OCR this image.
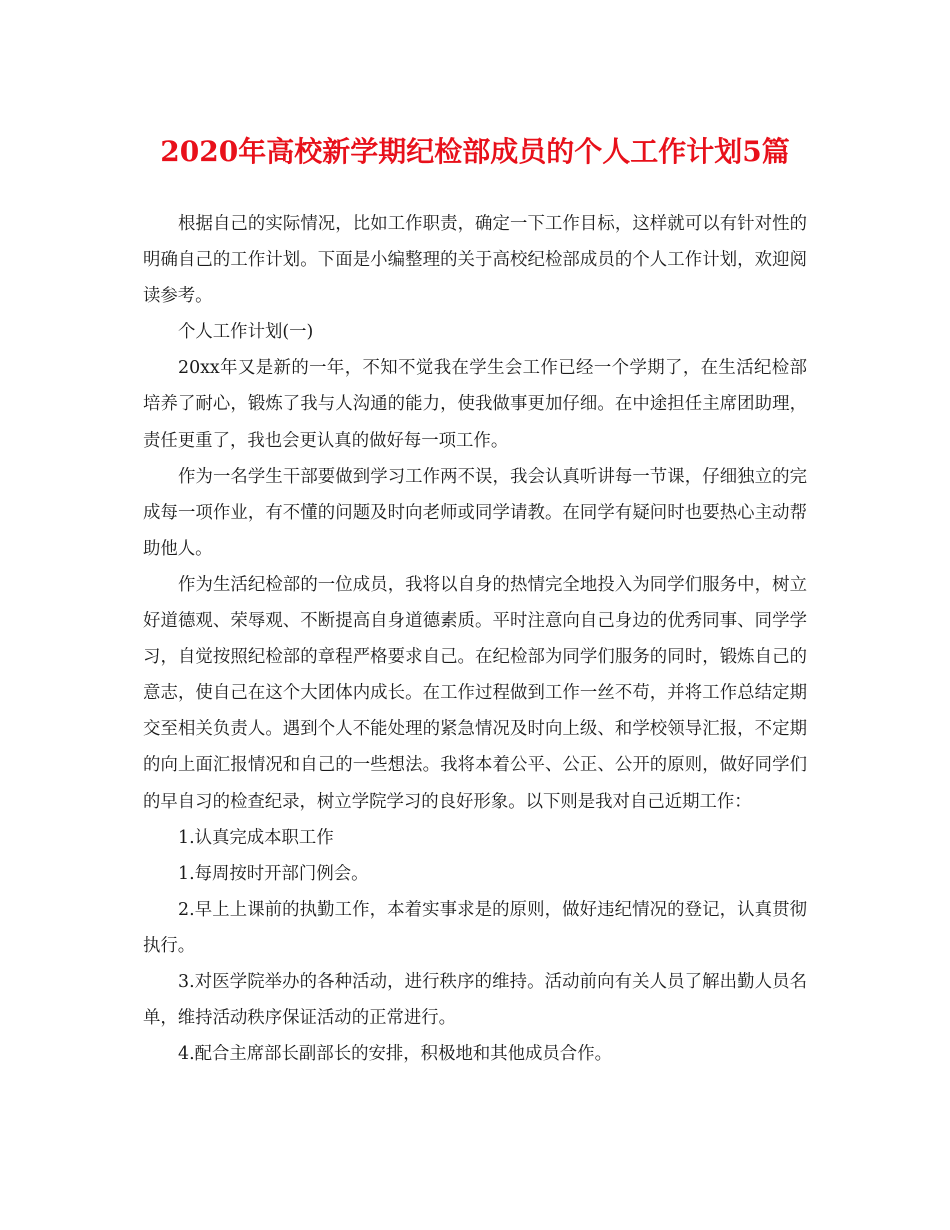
2020年高校新学期纪检部成员的个人工作计划5篇

根据自己的实际情况，比如工作职责，确定一下工作目标，这样就可以有针对性的明确自己的工作计划。下面是小编整理的关于高校纪检部成员的个人工作计划，欢迎阅读参考。

个人工作计划(一)

20xx年又是新的一年，不知不觉我在学生会工作已经一个学期了，在生活纪检部培养了耐心，锻炼了我与人沟通的能力，使我做事更加仔细。在中途担任主席团助理，责任更重了，我也会更认真的做好每一项工作。

作为一名学生干部要做到学习工作两不误，我会认真听讲每一节课，仔细独立的完成每一项作业，有不懂的问题及时向老师或同学请教。在同学有疑问时也要热心主动帮助他人。

作为生活纪检部的一位成员，我将以自身的热情完全地投入为同学们服务中，树立好道德观、荣辱观、不断提高自身道德素质。平时注意向自己身边的优秀同事、同学学习，自觉按照纪检部的章程严格要求自己。在纪检部为同学们服务的同时，锻炼自己的意志，使自己在这个大团体内成长。在工作过程做到工作一丝不苟，并将工作总结定期交至相关负责人。遇到个人不能处理的紧急情况及时向上级、和学校领导汇报，不定期的向上面汇报情况和自己的一些想法。我将本着公平、公正、公开的原则，做好同学们的早自习的检查纪录，树立学院学习的良好形象。以下则是我对自己近期工作：

1.认真完成本职工作

1.每周按时开部门例会。

2.早上上课前的执勤工作，本着实事求是的原则，做好违纪情况的登记，认真贯彻执行。

3.对医学院举办的各种活动，进行秩序的维持。活动前向有关人员了解出勤人员名单，维持活动秩序保证活动的正常进行。

4.配合主席部长副部长的安排，积极地和其他成员合作。
